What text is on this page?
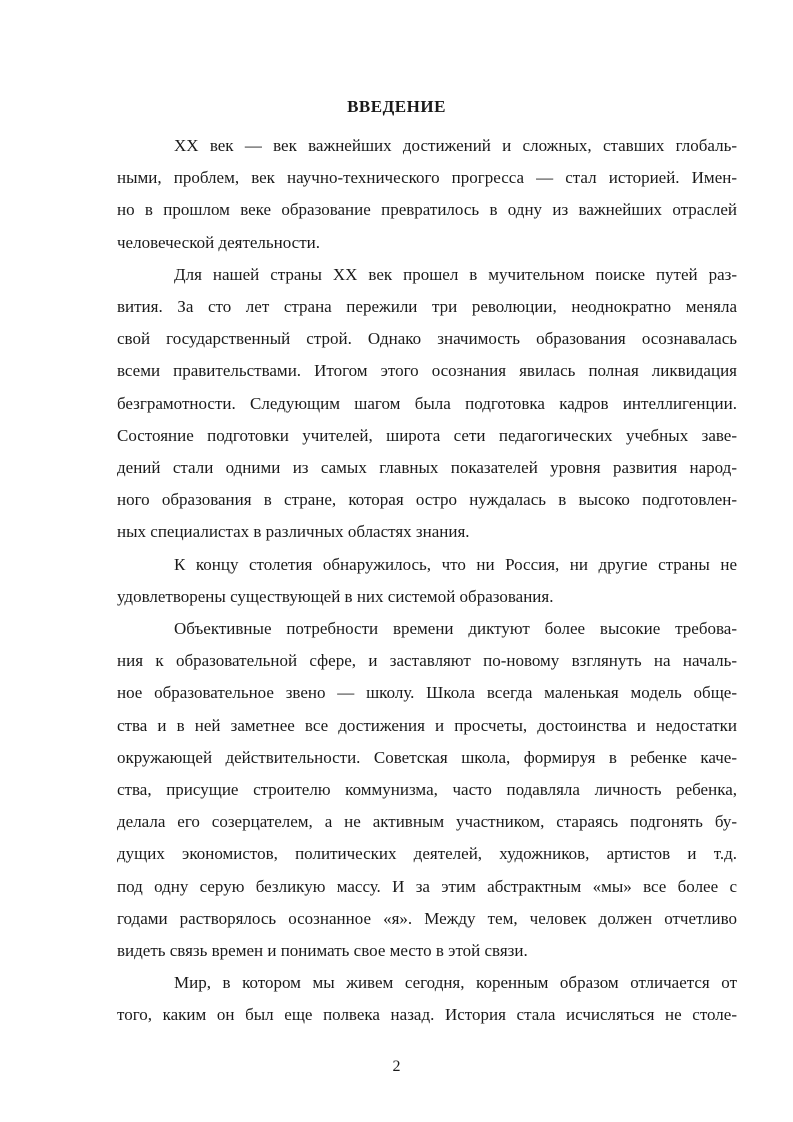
ВВЕДЕНИЕ
XX век — век важнейших достижений и сложных, ставших глобаль-
ными, проблем, век научно-технического прогресса — стал историей. Имен-
но в прошлом веке образование превратилось в одну из важнейших отраслей
человеческой деятельности.
Для нашей страны XX век прошел в мучительном поиске путей раз-
вития. За сто лет страна пережили три революции, неоднократно меняла
свой государственный строй. Однако значимость образования осознавалась
всеми правительствами. Итогом этого осознания явилась полная ликвидация
безграмотности. Следующим шагом была подготовка кадров интеллигенции.
Состояние подготовки учителей, широта сети педагогических учебных заве-
дений стали одними из самых главных показателей уровня развития народ-
ного образования в стране, которая остро нуждалась в высоко подготовлен-
ных специалистах в различных областях знания.
К концу столетия обнаружилось, что ни Россия, ни другие страны не
удовлетворены существующей в них системой образования.
Объективные потребности времени диктуют более высокие требова-
ния к образовательной сфере, и заставляют по-новому взглянуть на началь-
ное образовательное звено — школу. Школа всегда маленькая модель обще-
ства и в ней заметнее все достижения и просчеты, достоинства и недостатки
окружающей действительности. Советская школа, формируя в ребенке каче-
ства, присущие строителю коммунизма, часто подавляла личность ребенка,
делала его созерцателем, а не активным участником, стараясь подгонять бу-
дущих экономистов, политических деятелей, художников, артистов и т.д.
под одну серую безликую массу. И за этим абстрактным «мы» все более с
годами растворялось осознанное «я». Между тем, человек должен отчетливо
видеть связь времен и понимать свое место в этой связи.
Мир, в котором мы живем сегодня, коренным образом отличается от
того, каким он был еще полвека назад. История стала исчисляться не столе-
2
